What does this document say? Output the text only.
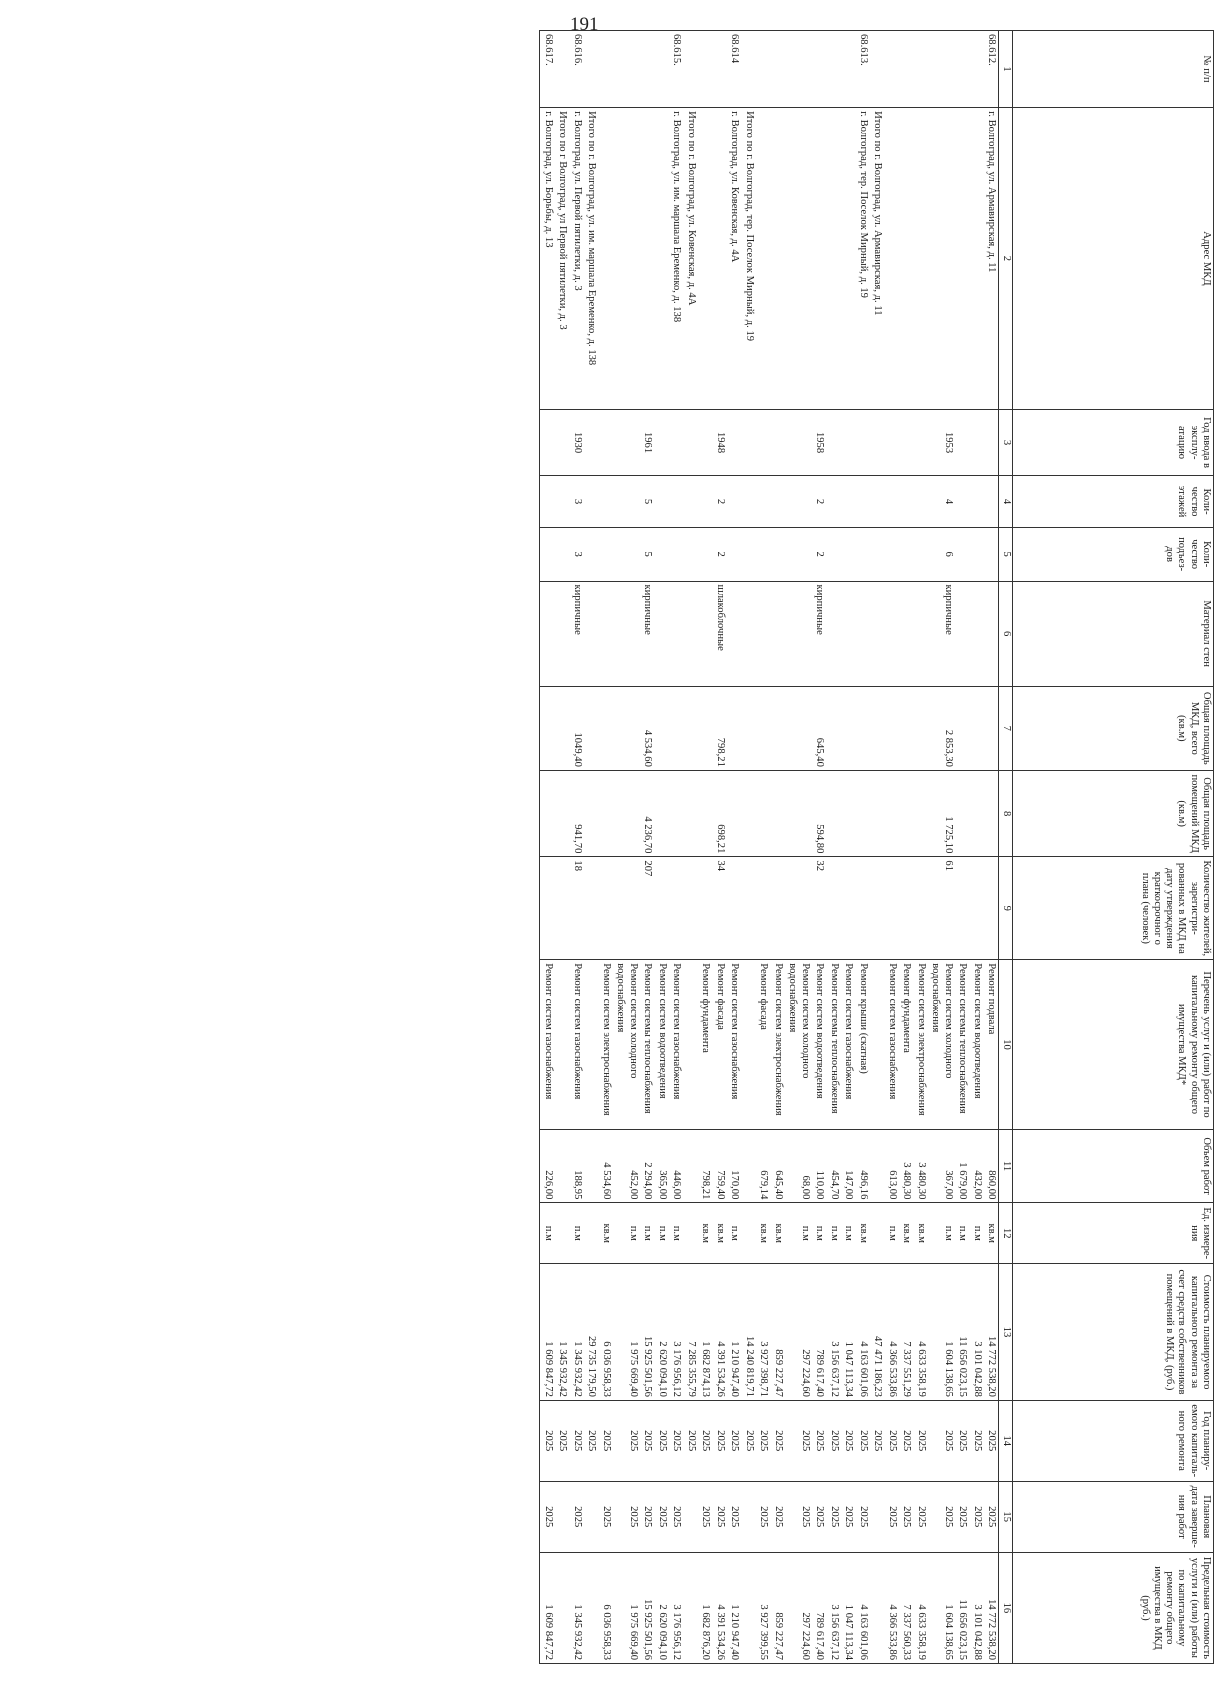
191
№ п/п	Адрес МКД	Год ввода в эксплу-атацию	Коли-чество этажей	Коли-чество подъез-дов	Материал стен	Общая площадь МКД, всего (кв.м)	Общая площадь помещений МКД (кв.м)	Количество жителей, зарегистри-рованных в МКД на дату утверждения краткосрочног о плана (человек)	Перечень услуг и (или) работ по капитальному ремонту общего имущества МКД*	Объем работ	Ед. измере-ния	Стоимость планируемого капитального ремонта за счет средств собственников помещений в МКД, (руб.)	Год планиру-емого капиталь-ного ремонта	Плановая дата заверше-ния работ	Предельная стоимость услуги и (или) работы по капитальному ремонту общего имущества в МКД (руб.)
1	2	3	4	5	6	7	8	9	10	11	12	13	14	15	16
68.612.	г. Волгоград, ул. Армавирская, д. 11								Ремонт подвала	860,00	кв.м	14 772 538,20	2025	2025	14 772 538,20
									Ремонт систем водоотведения	432,00	п.м	3 101 042,88	2025	2025	3 101 042,88
									Ремонт системы теплоснабжения	1 679,00	п.м	11 656 023,15	2025	2025	11 656 023,15
		1953	4	6	кирпичные	2 853,30	1 725,10	61	Ремонт систем холодного водоснабжения	367,00	п.м	1 604 138,65	2025	2025	1 604 138,65
									Ремонт систем электроснабжения	3 480,30	кв.м	4 633 358,19	2025	2025	4 633 358,19
									Ремонт фундамента	3 480,30	кв.м	7 337 551,29	2025	2025	7 337 560,33
									Ремонт систем газоснабжения	613,00	п.м	4 366 533,86	2025	2025	4 366 533,86
	Итого по г. Волгоград, ул. Армавирская, д. 11											47 471 186,23	2025		
68.613.	г. Волгоград, тер. Поселок Мирный, д. 19								Ремонт крыши (скатная)	496,16	кв.м	4 163 601,06	2025	2025	4 163 601,06
									Ремонт систем газоснабжения	147,00	п.м	1 047 113,34	2025	2025	1 047 113,34
									Ремонт системы теплоснабжения	454,70	п.м	3 156 637,12	2025	2025	3 156 637,12
		1958	2	2	кирпичные	645,40	594,80	32	Ремонт систем водоотведения	110,00	п.м	789 617,40	2025	2025	789 617,40
									Ремонт систем холодного водоснабжения	68,00	п.м	297 224,60	2025	2025	297 224,60
									Ремонт систем электроснабжения	645,40	кв.м	859 227,47	2025	2025	859 227,47
									Ремонт фасада	679,14	кв.м	3 927 398,71	2025	2025	3 927 399,55
	Итого по г. Волгоград, тер. Поселок Мирный, д. 19											14 240 819,71	2025		
68.614	г. Волгоград, ул. Ковенская, д. 4А								Ремонт систем газоснабжения	170,00	п.м	1 210 947,40	2025	2025	1 210 947,40
		1948	2	2	шлакоблочные	798,21	698,21	34	Ремонт фасада	759,40	кв.м	4 391 534,26	2025	2025	4 391 534,26
									Ремонт фундамента	798,21	кв.м	1 682 874,13	2025	2025	1 682 876,20
	Итого по г. Волгоград, ул. Ковенская, д. 4А											7 285 355,79	2025		
68.615.	г. Волгоград, ул. им. маршала Еременко, д. 138								Ремонт систем газоснабжения	446,00	п.м	3 176 956,12	2025	2025	3 176 956,12
									Ремонт систем водоотведения	365,00	п.м	2 620 094,10	2025	2025	2 620 094,10
		1961	5	5	кирпичные	4 534,60	4 236,70	207	Ремонт системы теплоснабжения	2 294,00	п.м	15 925 501,56	2025	2025	15 925 501,56
									Ремонт систем холодного водоснабжения	452,00	п.м	1 975 669,40	2025	2025	1 975 669,40
									Ремонт систем электроснабжения	4 534,60	кв.м	6 036 958,33	2025	2025	6 036 958,33
	Итого по г. Волгоград, ул. им. маршала Еременко, д. 138											29 735 179,50	2025		
68.616.	г. Волгоград, ул. Первой пятилетки, д. 3	1930	3	3	кирпичные	1049,40	941,70	18	Ремонт систем газоснабжения	188,95	п.м	1 345 932,42	2025	2025	1 345 932,42
	Итого по г Волгоград, ул Первой пятилетки, д. 3											1 345 932,42	2025		
68.617.	г. Волгоград, ул. Борьбы, д. 13								Ремонт систем газоснабжения	226,00	п.м	1 609 847,72	2025	2025	1 609 847,72
